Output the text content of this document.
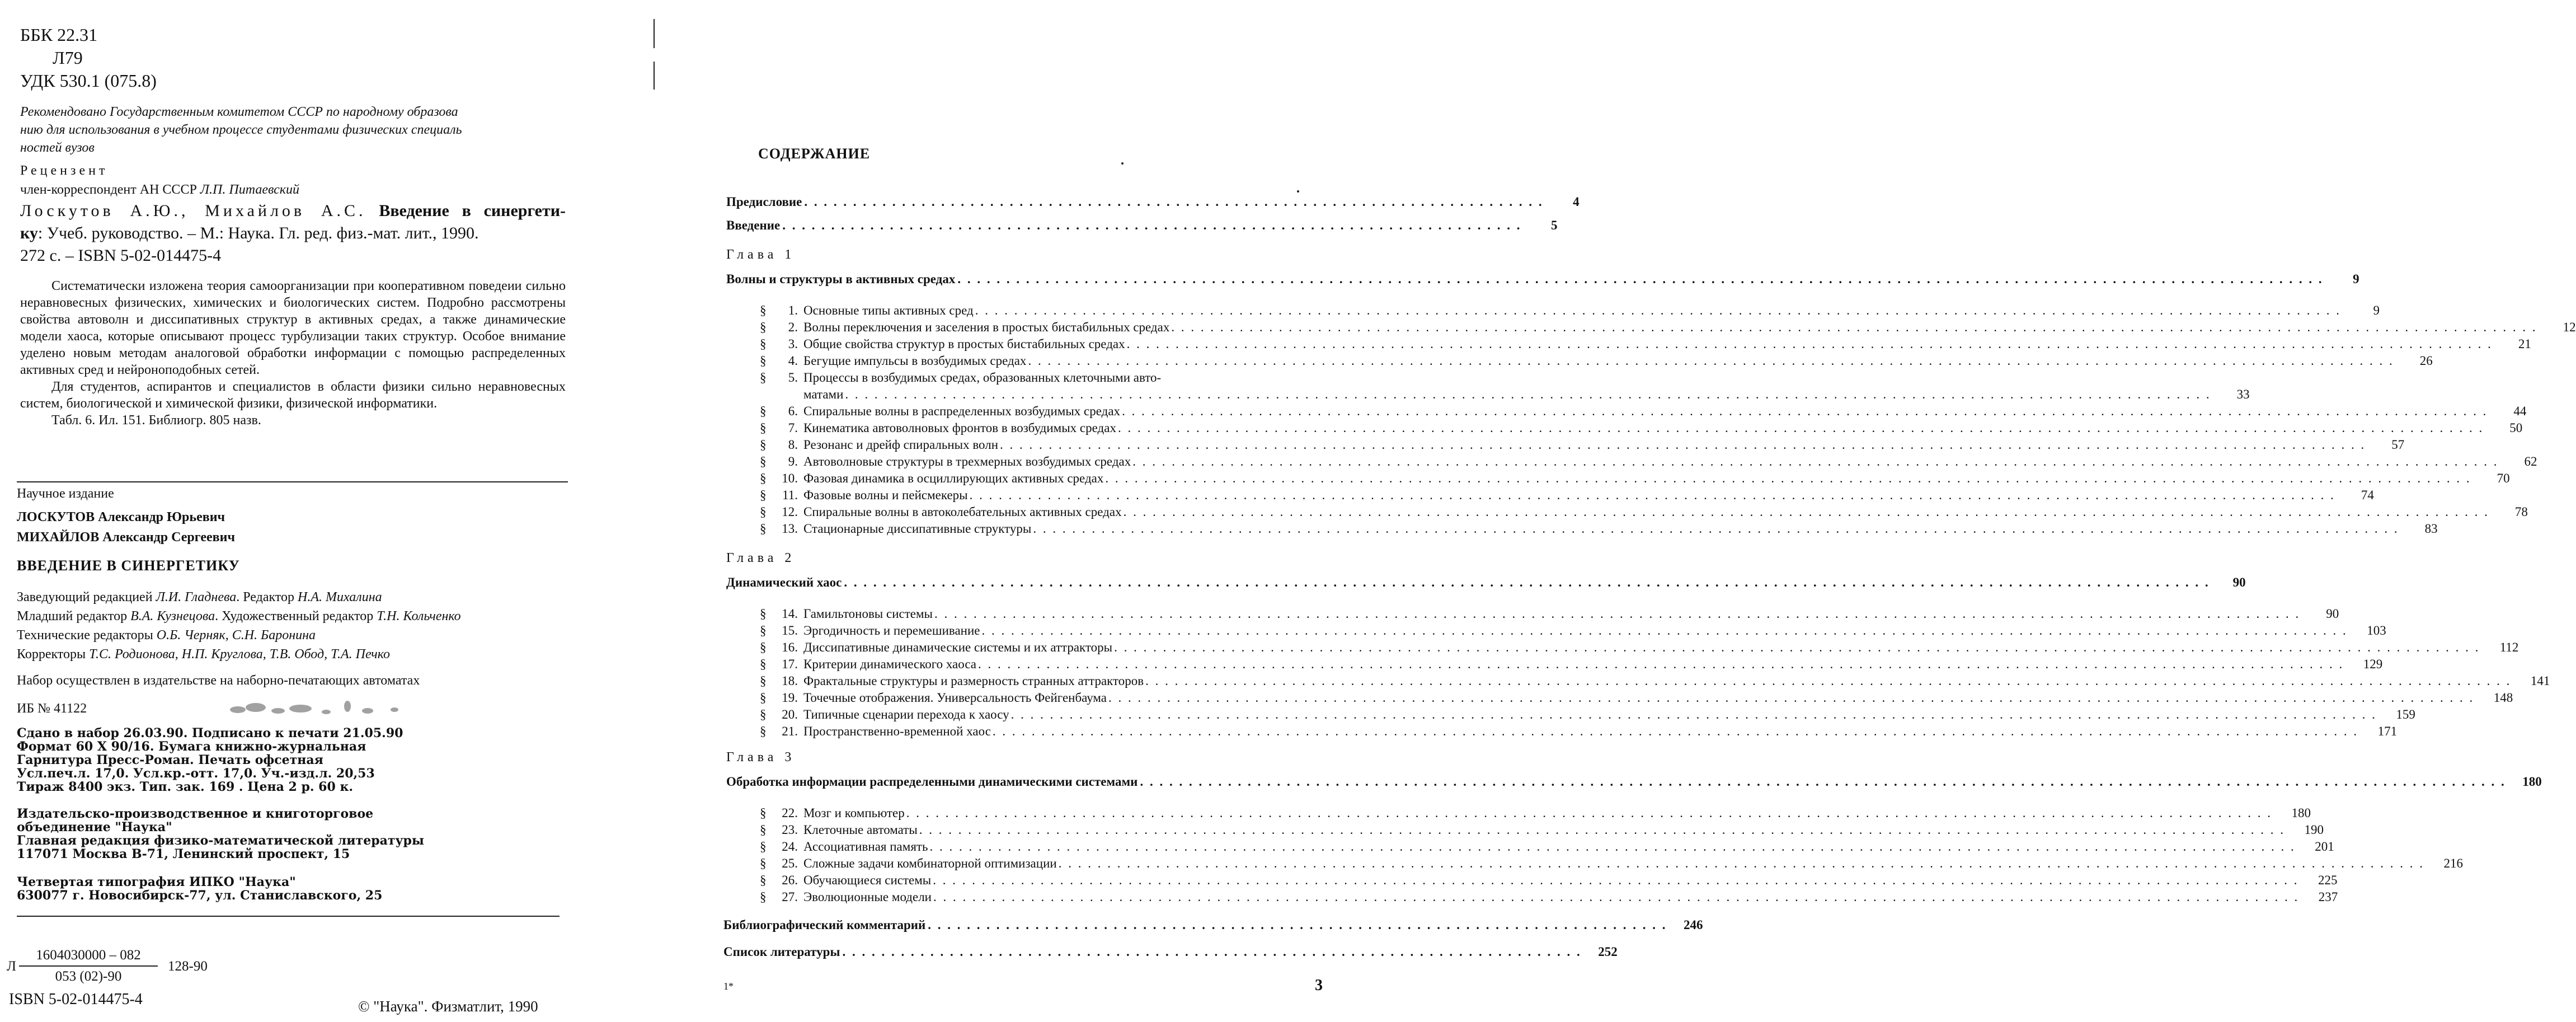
ББК 22.31
Л79
УДК 530.1 (075.8)
Рекомендовано Государственным комитетом СССР по народному образова
нию для использования в учебном процессе студентами физических специаль
ностей вузов
Рецензент
член-корреспондент АН СССР Л.П. Питаевский
Лоскутов А.Ю., Михайлов А.С. Введение в синергети-
ку: Учеб. руководство. – М.: Наука. Гл. ред. физ.-мат. лит., 1990.
272 с. – ISBN 5-02-014475-4

Систематически изложена теория самоорганизации при кооперативном поведеии сильно неравновесных физических, химических и биологических систем. Подробно рассмотрены свойства автоволн и диссипативных структур в активных средах, а также динамические модели хаоса, которые описывают процесс турбулизации таких структур. Особое внимание уделено новым методам аналоговой обработки информации с помощью распределенных активных сред и нейроноподобных сетей.

Для студентов, аспирантов и специалистов в области физики сильно неравновесных систем, биологической и химической физики, физической информатики.

Табл. 6. Ил. 151. Библиогр. 805 назв.

Научное издание
ЛОСКУТОВ Александр Юрьевич
МИХАЙЛОВ Александр Сергеевич
ВВЕДЕНИЕ В СИНЕРГЕТИКУ
Заведующий редакцией Л.И. Гладнева. Редактор Н.А. Михалина
Младший редактор В.А. Кузнецова. Художественный редактор Т.Н. Кольченко
Технические редакторы О.Б. Черняк, С.Н. Баронина
Корректоры Т.С. Родионова, Н.П. Круглова, Т.В. Обод, Т.А. Печко
Набор осуществлен в издательстве на наборно-печатающих автоматах
ИБ № 41122
Сдано в набор 26.03.90. Подписано к печати 21.05.90
Формат 60 X 90/16. Бумага книжно-журнальная
Гарнитура Пресс-Роман. Печать офсетная
Усл.печ.л. 17,0. Усл.кр.-отт. 17,0. Уч.-изд.л. 20,53
Тираж 8400 экз. Тип. зак. 169 . Цена 2 р. 60 к.
Издательско-производственное и книготорговое
объединение "Наука"
Главная редакция физико-математической литературы
117071 Москва В-71, Ленинский проспект, 15
Четвертая типография ИПКО "Наука"
630077 г. Новосибирск-77, ул. Станиславского, 25
Л $\frac{1604030000 - 082}{053 (02)-90} 128-90$
ISBN 5-02-014475-4	© "Наука". Физматлит, 1990
СОДЕРЖАНИЕ
Предисловие . . . . . . . . . . . . . . . . . . . . . . . . . . . . . . . . . . . . . . . . . . . . . . . . . . . . . . . . . . . . . . . . . . . . . . . . . . . .	4
Введение . . . . . . . . . . . . . . . . . . . . . . . . . . . . . . . . . . . . . . . . . . . . . . . . . . . . . . . . . . . . . . . . . . . . . . . . . . . .	5
Глава 1
Волны и структуры в активных средах . . . . . . . . . . . . . . . . . . . . . . . . . . . . . . . . . . . . . . . . . . . . . . . . . . . . . . . . . . . . . . . . . . . . . . . . . . . . . . . . . . . . . . . . . . . . . . . . . . . . . . . . . . . . . . . . . . . . . . . . . . . . . . . . . . . . . . . . . . . .	9
§	1. Основные типы активных сред . . . . . . . . . . . . . . . . . . . . . . . . . . . . . . . . . . . . . . . . . . . . . . . . . . . . . . . . . . . . . . . . . . . . . . . . . . . . . . . . . . . . . . . . . . . . . . . . . . . . . . . . . . . . . . . . . . . . . . . . . . . . . . . . . . . . . . . . . . . .	9
§	2. Волны переключения и заселения в простых бистабильных средах . . . . . . . . . . . . . . . . . . . . . . . . . . . . . . . . . . . . . . . . . . . . . . . . . . . . . . . . . . . . . . . . . . . . . . . . . . . . . . . . . . . . . . . . . . . . . . . . . . . . . . . . . . . . . . . . . . . . . . . . . . . . . . . . . . . . . . . . . . . .	12
§	3. Общие свойства структур в простых бистабильных средах . . . . . . . . . . . . . . . . . . . . . . . . . . . . . . . . . . . . . . . . . . . . . . . . . . . . . . . . . . . . . . . . . . . . . . . . . . . . . . . . . . . . . . . . . . . . . . . . . . . . . . . . . . . . . . . . . . . . . . . . . . . . . . . . . . . . . . . . . . . .	21
§	4. Бегущие импульсы в возбудимых средах . . . . . . . . . . . . . . . . . . . . . . . . . . . . . . . . . . . . . . . . . . . . . . . . . . . . . . . . . . . . . . . . . . . . . . . . . . . . . . . . . . . . . . . . . . . . . . . . . . . . . . . . . . . . . . . . . . . . . . . . . . . . . . . . . . . . . . . . . . . .	26
§	5. Процессы в возбудимых средах, образованных клеточными авто-
матами . . . . . . . . . . . . . . . . . . . . . . . . . . . . . . . . . . . . . . . . . . . . . . . . . . . . . . . . . . . . . . . . . . . . . . . . . . . . . . . . . . . . . . . . . . . . . . . . . . . . . . . . . . . . . . . . . . . . . . . . . . . . . . . . . . . . . . . . . . . .	33
§	6. Спиральные волны в распределенных возбудимых средах . . . . . . . . . . . . . . . . . . . . . . . . . . . . . . . . . . . . . . . . . . . . . . . . . . . . . . . . . . . . . . . . . . . . . . . . . . . . . . . . . . . . . . . . . . . . . . . . . . . . . . . . . . . . . . . . . . . . . . . . . . . . . . . . . . . . . . . . . . . .	44
§	7. Кинематика автоволновых фронтов в возбудимых средах . . . . . . . . . . . . . . . . . . . . . . . . . . . . . . . . . . . . . . . . . . . . . . . . . . . . . . . . . . . . . . . . . . . . . . . . . . . . . . . . . . . . . . . . . . . . . . . . . . . . . . . . . . . . . . . . . . . . . . . . . . . . . . . . . . . . . . . . . . . .	50
§	8. Резонанс и дрейф спиральных волн . . . . . . . . . . . . . . . . . . . . . . . . . . . . . . . . . . . . . . . . . . . . . . . . . . . . . . . . . . . . . . . . . . . . . . . . . . . . . . . . . . . . . . . . . . . . . . . . . . . . . . . . . . . . . . . . . . . . . . . . . . . . . . . . . . . . . . . . . . . .	57
§	9. Автоволновые структуры в трехмерных возбудимых средах . . . . . . . . . . . . . . . . . . . . . . . . . . . . . . . . . . . . . . . . . . . . . . . . . . . . . . . . . . . . . . . . . . . . . . . . . . . . . . . . . . . . . . . . . . . . . . . . . . . . . . . . . . . . . . . . . . . . . . . . . . . . . . . . . . . . . . . . . . . .	62
§	10. Фазовая динамика в осциллирующих активных средах . . . . . . . . . . . . . . . . . . . . . . . . . . . . . . . . . . . . . . . . . . . . . . . . . . . . . . . . . . . . . . . . . . . . . . . . . . . . . . . . . . . . . . . . . . . . . . . . . . . . . . . . . . . . . . . . . . . . . . . . . . . . . . . . . . . . . . . . . . . .	70
§	11. Фазовые волны и пейсмекеры . . . . . . . . . . . . . . . . . . . . . . . . . . . . . . . . . . . . . . . . . . . . . . . . . . . . . . . . . . . . . . . . . . . . . . . . . . . . . . . . . . . . . . . . . . . . . . . . . . . . . . . . . . . . . . . . . . . . . . . . . . . . . . . . . . . . . . . . . . . .	74
§	12. Спиральные волны в автоколебательных активных средах . . . . . . . . . . . . . . . . . . . . . . . . . . . . . . . . . . . . . . . . . . . . . . . . . . . . . . . . . . . . . . . . . . . . . . . . . . . . . . . . . . . . . . . . . . . . . . . . . . . . . . . . . . . . . . . . . . . . . . . . . . . . . . . . . . . . . . . . . . . .	78
§	13. Стационарные диссипативные структуры . . . . . . . . . . . . . . . . . . . . . . . . . . . . . . . . . . . . . . . . . . . . . . . . . . . . . . . . . . . . . . . . . . . . . . . . . . . . . . . . . . . . . . . . . . . . . . . . . . . . . . . . . . . . . . . . . . . . . . . . . . . . . . . . . . . . . . . . . . . .	83
Глава 2
Динамический хаос . . . . . . . . . . . . . . . . . . . . . . . . . . . . . . . . . . . . . . . . . . . . . . . . . . . . . . . . . . . . . . . . . . . . . . . . . . . . . . . . . . . . . . . . . . . . . . . . . . . . . . . . . . . . . . . . . . . . . . . . . . . . . . . . . . . . . . . . . . . .	90
§	14. Гамильтоновы системы . . . . . . . . . . . . . . . . . . . . . . . . . . . . . . . . . . . . . . . . . . . . . . . . . . . . . . . . . . . . . . . . . . . . . . . . . . . . . . . . . . . . . . . . . . . . . . . . . . . . . . . . . . . . . . . . . . . . . . . . . . . . . . . . . . . . . . . . . . . .	90
§	15. Эргодичность и перемешивание . . . . . . . . . . . . . . . . . . . . . . . . . . . . . . . . . . . . . . . . . . . . . . . . . . . . . . . . . . . . . . . . . . . . . . . . . . . . . . . . . . . . . . . . . . . . . . . . . . . . . . . . . . . . . . . . . . . . . . . . . . . . . . . . . . . . . . . . . . . .	103
§	16. Диссипативные динамические системы и их аттракторы . . . . . . . . . . . . . . . . . . . . . . . . . . . . . . . . . . . . . . . . . . . . . . . . . . . . . . . . . . . . . . . . . . . . . . . . . . . . . . . . . . . . . . . . . . . . . . . . . . . . . . . . . . . . . . . . . . . . . . . . . . . . . . . . . . . . . . . . . . . .	112
§	17. Критерии динамического хаоса . . . . . . . . . . . . . . . . . . . . . . . . . . . . . . . . . . . . . . . . . . . . . . . . . . . . . . . . . . . . . . . . . . . . . . . . . . . . . . . . . . . . . . . . . . . . . . . . . . . . . . . . . . . . . . . . . . . . . . . . . . . . . . . . . . . . . . . . . . . .	129
§	18. Фрактальные структуры и размерность странных аттракторов . . . . . . . . . . . . . . . . . . . . . . . . . . . . . . . . . . . . . . . . . . . . . . . . . . . . . . . . . . . . . . . . . . . . . . . . . . . . . . . . . . . . . . . . . . . . . . . . . . . . . . . . . . . . . . . . . . . . . . . . . . . . . . . . . . . . . . . . . . . .	141
§	19. Точечные отображения. Универсальность Фейгенбаума . . . . . . . . . . . . . . . . . . . . . . . . . . . . . . . . . . . . . . . . . . . . . . . . . . . . . . . . . . . . . . . . . . . . . . . . . . . . . . . . . . . . . . . . . . . . . . . . . . . . . . . . . . . . . . . . . . . . . . . . . . . . . . . . . . . . . . . . . . . .	148
§	20. Типичные сценарии перехода к хаосу . . . . . . . . . . . . . . . . . . . . . . . . . . . . . . . . . . . . . . . . . . . . . . . . . . . . . . . . . . . . . . . . . . . . . . . . . . . . . . . . . . . . . . . . . . . . . . . . . . . . . . . . . . . . . . . . . . . . . . . . . . . . . . . . . . . . . . . . . . . .	159
§	21. Пространственно-временной хаос . . . . . . . . . . . . . . . . . . . . . . . . . . . . . . . . . . . . . . . . . . . . . . . . . . . . . . . . . . . . . . . . . . . . . . . . . . . . . . . . . . . . . . . . . . . . . . . . . . . . . . . . . . . . . . . . . . . . . . . . . . . . . . . . . . . . . . . . . . . .	171
Глава 3
Обработка информации распределенными динамическими системами . . . . . . . . . . . . . . . . . . . . . . . . . . . . . . . . . . . . . . . . . . . . . . . . . . . . . . . . . . . . . . . . . . . . . . . . . . . . . . . . . . . . . . . . . . . . . . . . . . . . . . . . . . . . . . . . . . . . . . . . . . . . . . . . . . . . . . . . . . . .	180
§	22. Мозг и компьютер . . . . . . . . . . . . . . . . . . . . . . . . . . . . . . . . . . . . . . . . . . . . . . . . . . . . . . . . . . . . . . . . . . . . . . . . . . . . . . . . . . . . . . . . . . . . . . . . . . . . . . . . . . . . . . . . . . . . . . . . . . . . . . . . . . . . . . . . . . . .	180
§	23. Клеточные автоматы . . . . . . . . . . . . . . . . . . . . . . . . . . . . . . . . . . . . . . . . . . . . . . . . . . . . . . . . . . . . . . . . . . . . . . . . . . . . . . . . . . . . . . . . . . . . . . . . . . . . . . . . . . . . . . . . . . . . . . . . . . . . . . . . . . . . . . . . . . . .	190
§	24. Ассоциативная память . . . . . . . . . . . . . . . . . . . . . . . . . . . . . . . . . . . . . . . . . . . . . . . . . . . . . . . . . . . . . . . . . . . . . . . . . . . . . . . . . . . . . . . . . . . . . . . . . . . . . . . . . . . . . . . . . . . . . . . . . . . . . . . . . . . . . . . . . . . .	201
§	25. Сложные задачи комбинаторной оптимизации . . . . . . . . . . . . . . . . . . . . . . . . . . . . . . . . . . . . . . . . . . . . . . . . . . . . . . . . . . . . . . . . . . . . . . . . . . . . . . . . . . . . . . . . . . . . . . . . . . . . . . . . . . . . . . . . . . . . . . . . . . . . . . . . . . . . . . . . . . . .	216
§	26. Обучающиеся системы . . . . . . . . . . . . . . . . . . . . . . . . . . . . . . . . . . . . . . . . . . . . . . . . . . . . . . . . . . . . . . . . . . . . . . . . . . . . . . . . . . . . . . . . . . . . . . . . . . . . . . . . . . . . . . . . . . . . . . . . . . . . . . . . . . . . . . . . . . . .	225
§	27. Эволюционные модели . . . . . . . . . . . . . . . . . . . . . . . . . . . . . . . . . . . . . . . . . . . . . . . . . . . . . . . . . . . . . . . . . . . . . . . . . . . . . . . . . . . . . . . . . . . . . . . . . . . . . . . . . . . . . . . . . . . . . . . . . . . . . . . . . . . . . . . . . . . .	237
Библиографический комментарий . . . . . . . . . . . . . . . . . . . . . . . . . . . . . . . . . . . . . . . . . . . . . . . . . . . . . . . . . . . . . . . . . . . . . . . . . . . .	246
Список литературы . . . . . . . . . . . . . . . . . . . . . . . . . . . . . . . . . . . . . . . . . . . . . . . . . . . . . . . . . . . . . . . . . . . . . . . . . . . .	252
1*	3
